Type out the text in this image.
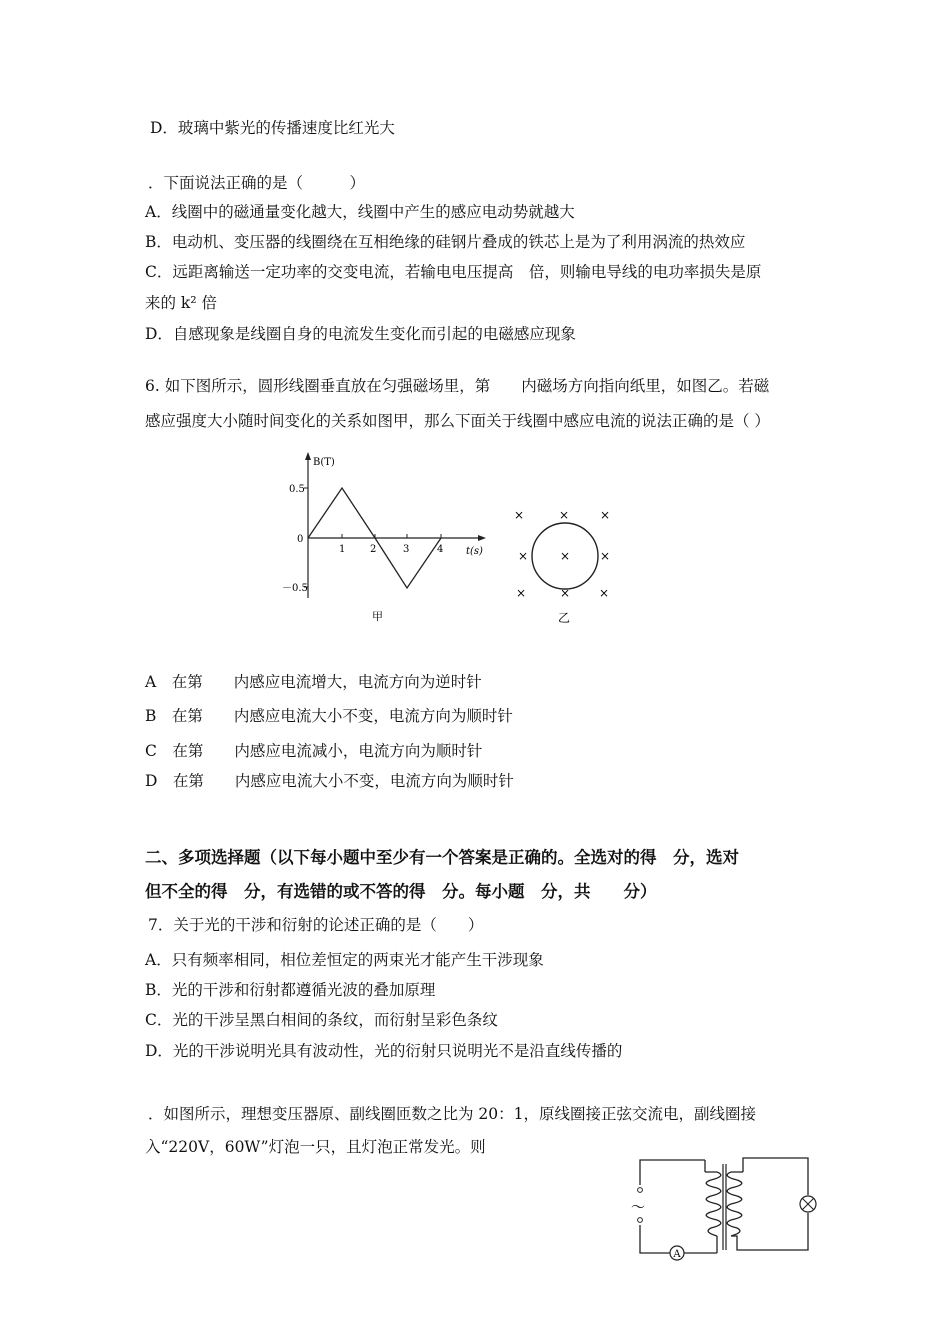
D．玻璃中紫光的传播速度比红光大
．下面说法正确的是（　　　）
A．线圈中的磁通量变化越大，线圈中产生的感应电动势就越大
B．电动机、变压器的线圈绕在互相绝缘的硅钢片叠成的铁芯上是为了利用涡流的热效应
C．远距离输送一定功率的交变电流，若输电电压提高　倍，则输电导线的电功率损失是原
来的 k² 倍
D．自感现象是线圈自身的电流发生变化而引起的电磁感应现象
6. 如下图所示，圆形线圈垂直放在匀强磁场里，第　　内磁场方向指向纸里，如图乙。若磁
感应强度大小随时间变化的关系如图甲，那么下面关于线圈中感应电流的说法正确的是（ ）
B(T)
t(s)
0.5
0
－0.5
1 2	3	4
甲
×	×	×
×	× ×
×	× ×
乙
A　在第　　内感应电流增大，电流方向为逆时针
B　在第　　内感应电流大小不变，电流方向为顺时针
C　在第　　内感应电流减小，电流方向为顺时针
D　在第　　内感应电流大小不变，电流方向为顺时针
二、多项选择题（以下每小题中至少有一个答案是正确的。全选对的得　分，选对
但不全的得　分，有选错的或不答的得　分。每小题　分，共　　分）
7．关于光的干涉和衍射的论述正确的是（　　）
A．只有频率相同，相位差恒定的两束光才能产生干涉现象
B．光的干涉和衍射都遵循光波的叠加原理
C．光的干涉呈黑白相间的条纹，而衍射呈彩色条纹
D．光的干涉说明光具有波动性，光的衍射只说明光不是沿直线传播的
．如图所示，理想变压器原、副线圈匝数之比为 20：1，原线圈接正弦交流电，副线圈接
入“220V，60W”灯泡一只，且灯泡正常发光。则
～
A
